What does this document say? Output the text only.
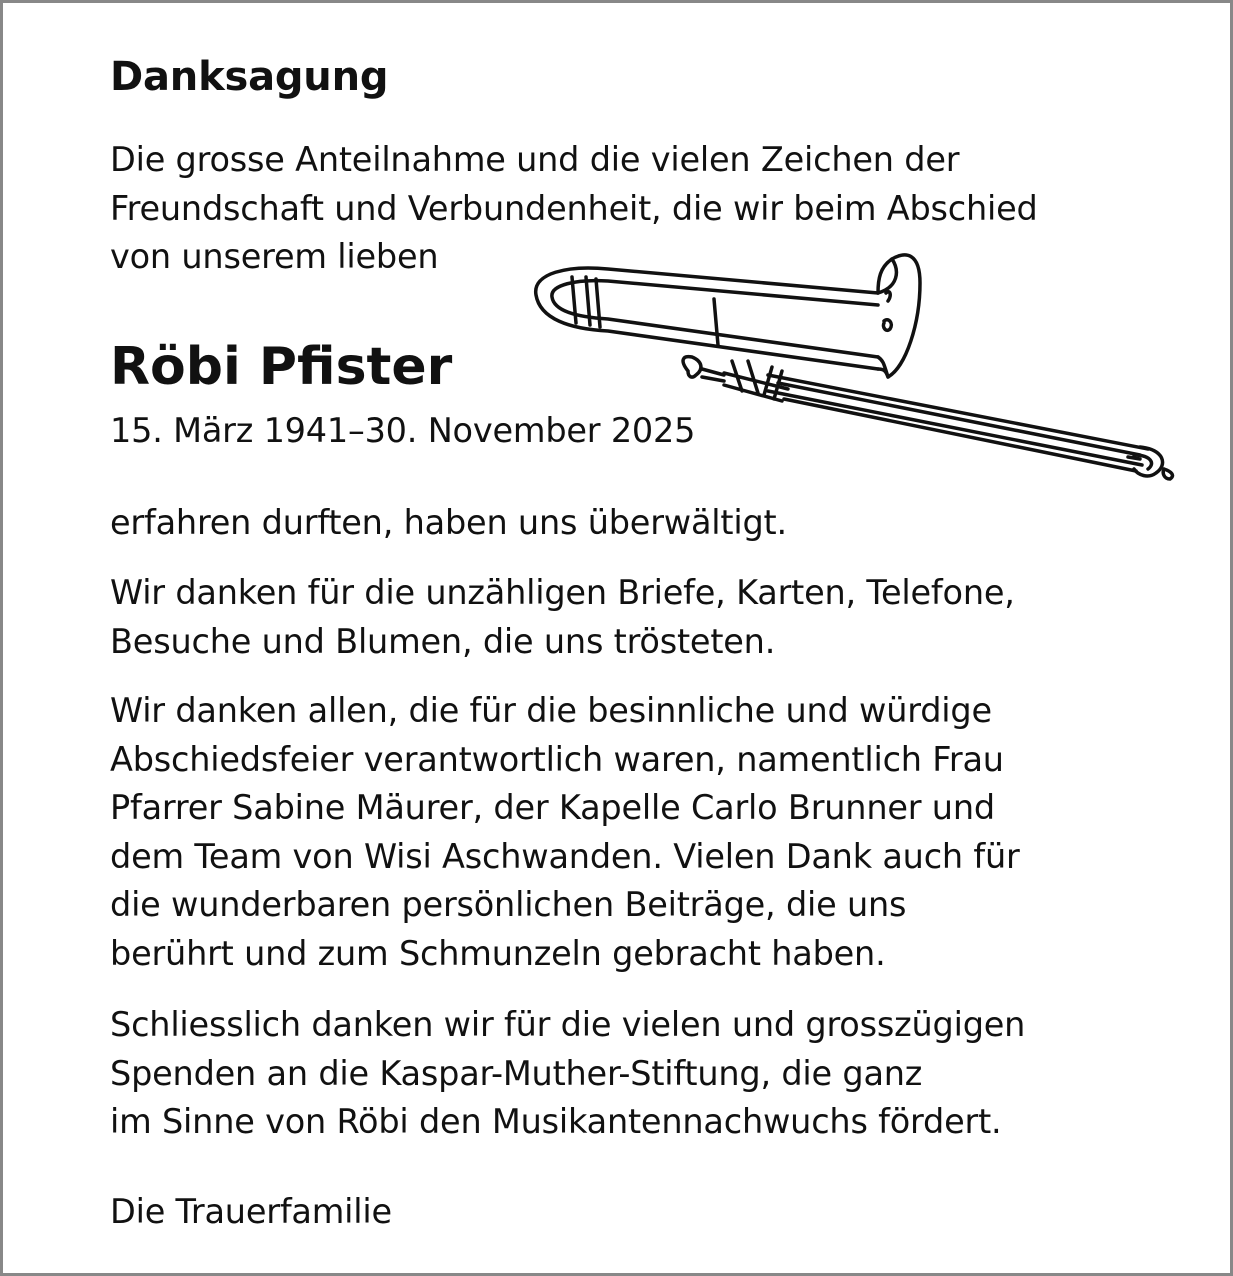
Danksagung

Die grosse Anteilnahme und die vielen Zeichen der
Freundschaft und Verbundenheit, die wir beim Abschied
von unserem lieben

Röbi Pfister

15. März 1941–30. November 2025

erfahren durften, haben uns überwältigt.

Wir danken für die unzähligen Briefe, Karten, Telefone,
Besuche und Blumen, die uns trösteten.

Wir danken allen, die für die besinnliche und würdige
Abschiedsfeier verantwortlich waren, namentlich Frau
Pfarrer Sabine Mäurer, der Kapelle Carlo Brunner und
dem Team von Wisi Aschwanden. Vielen Dank auch für
die wunderbaren persönlichen Beiträge, die uns
berührt und zum Schmunzeln gebracht haben.

Schliesslich danken wir für die vielen und grosszügigen
Spenden an die Kaspar-Muther-Stiftung, die ganz
im Sinne von Röbi den Musikantennachwuchs fördert.

Die Trauerfamilie
